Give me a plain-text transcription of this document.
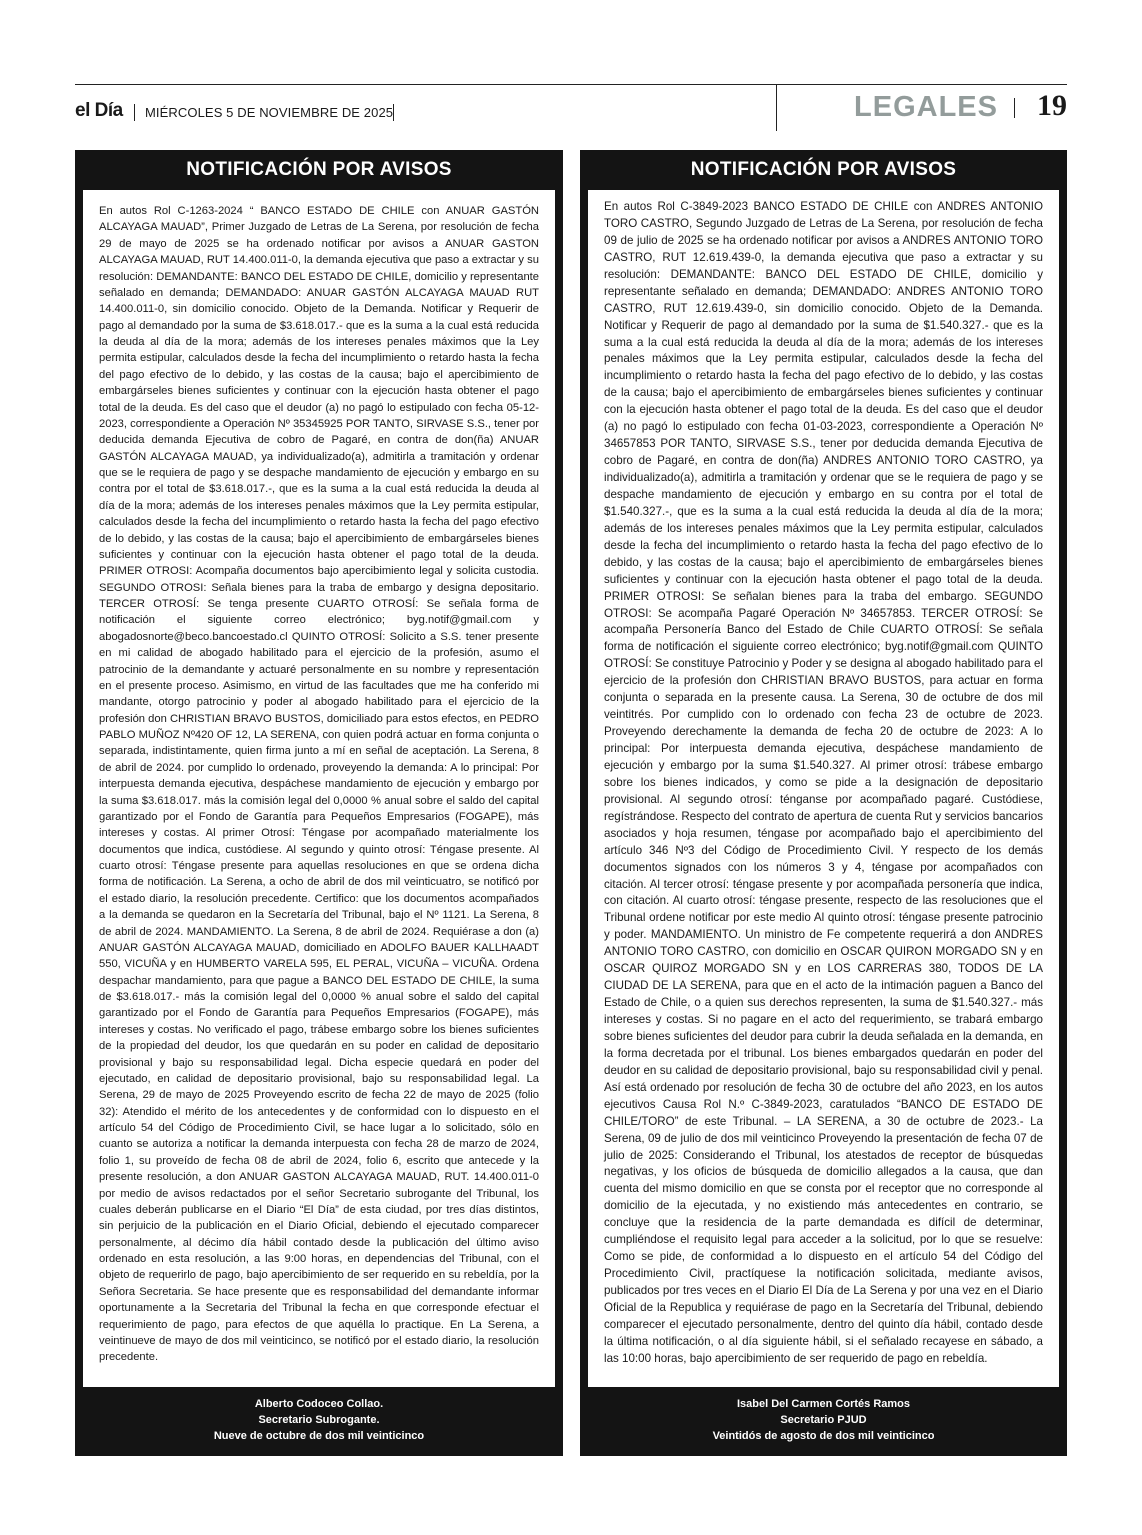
el Día MIÉRCOLES 5 DE NOVIEMBRE DE 2025	LEGALES 19
NOTIFICACIÓN POR AVISOS

En autos Rol C-1263-2024 “ BANCO ESTADO DE CHILE con ANUAR GASTÓN ALCAYAGA MAUAD”, Primer Juzgado de Letras de La Serena, por resolución de fecha 29 de mayo de 2025 se ha ordenado notificar por avisos a ANUAR GASTON ALCAYAGA MAUAD, RUT 14.400.011-0, la demanda ejecutiva que paso a extractar y su resolución: DEMANDANTE: BANCO DEL ESTADO DE CHILE, domicilio y representante señalado en demanda; DEMANDADO: ANUAR GASTÓN ALCAYAGA MAUAD RUT 14.400.011-0, sin domicilio conocido. Objeto de la Demanda. Notificar y Requerir de pago al demandado por la suma de $3.618.017.- que es la suma a la cual está reducida la deuda al día de la mora; además de los intereses penales máximos que la Ley permita estipular, calculados desde la fecha del incumplimiento o retardo hasta la fecha del pago efectivo de lo debido, y las costas de la causa; bajo el apercibimiento de embargárseles bienes suficientes y continuar con la ejecución hasta obtener el pago total de la deuda. Es del caso que el deudor (a) no pagó lo estipulado con fecha 05-12-2023, correspondiente a Operación Nº 35345925 POR TANTO, SIRVASE S.S., tener por deducida demanda Ejecutiva de cobro de Pagaré, en contra de don(ña) ANUAR GASTÓN ALCAYAGA MAUAD, ya individualizado(a), admitirla a tramitación y ordenar que se le requiera de pago y se despache mandamiento de ejecución y embargo en su contra por el total de $3.618.017.-, que es la suma a la cual está reducida la deuda al día de la mora; además de los intereses penales máximos que la Ley permita estipular, calculados desde la fecha del incumplimiento o retardo hasta la fecha del pago efectivo de lo debido, y las costas de la causa; bajo el apercibimiento de embargárseles bienes suficientes y continuar con la ejecución hasta obtener el pago total de la deuda. PRIMER OTROSI: Acompaña documentos bajo apercibimiento legal y solicita custodia. SEGUNDO OTROSI: Señala bienes para la traba de embargo y designa depositario. TERCER OTROSÍ: Se tenga presente CUARTO OTROSÍ: Se señala forma de notificación el siguiente correo electrónico; byg.notif@gmail.com y abogadosnorte@beco.bancoestado.cl QUINTO OTROSÍ: Solicito a S.S. tener presente en mi calidad de abogado habilitado para el ejercicio de la profesión, asumo el patrocinio de la demandante y actuaré personalmente en su nombre y representación en el presente proceso. Asimismo, en virtud de las facultades que me ha conferido mi mandante, otorgo patrocinio y poder al abogado habilitado para el ejercicio de la profesión don CHRISTIAN BRAVO BUSTOS, domiciliado para estos efectos, en PEDRO PABLO MUÑOZ Nº420 OF 12, LA SERENA, con quien podrá actuar en forma conjunta o separada, indistintamente, quien firma junto a mí en señal de aceptación. La Serena, 8 de abril de 2024. por cumplido lo ordenado, proveyendo la demanda: A lo principal: Por interpuesta demanda ejecutiva, despáchese mandamiento de ejecución y embargo por la suma $3.618.017. más la comisión legal del 0,0000 % anual sobre el saldo del capital garantizado por el Fondo de Garantía para Pequeños Empresarios (FOGAPE), más intereses y costas. Al primer Otrosí: Téngase por acompañado materialmente los documentos que indica, custódiese. Al segundo y quinto otrosí: Téngase presente. Al cuarto otrosí: Téngase presente para aquellas resoluciones en que se ordena dicha forma de notificación. La Serena, a ocho de abril de dos mil veinticuatro, se notificó por el estado diario, la resolución precedente. Certifico: que los documentos acompañados a la demanda se quedaron en la Secretaría del Tribunal, bajo el Nº 1121. La Serena, 8 de abril de 2024. MANDAMIENTO. La Serena, 8 de abril de 2024. Requiérase a don (a) ANUAR GASTÓN ALCAYAGA MAUAD, domiciliado en ADOLFO BAUER KALLHAADT 550, VICUÑA y en HUMBERTO VARELA 595, EL PERAL, VICUÑA – VICUÑA. Ordena despachar mandamiento, para que pague a BANCO DEL ESTADO DE CHILE, la suma de $3.618.017.- más la comisión legal del 0,0000 % anual sobre el saldo del capital garantizado por el Fondo de Garantía para Pequeños Empresarios (FOGAPE), más intereses y costas. No verificado el pago, trábese embargo sobre los bienes suficientes de la propiedad del deudor, los que quedarán en su poder en calidad de depositario provisional y bajo su responsabilidad legal. Dicha especie quedará en poder del ejecutado, en calidad de depositario provisional, bajo su responsabilidad legal. La Serena, 29 de mayo de 2025 Proveyendo escrito de fecha 22 de mayo de 2025 (folio 32): Atendido el mérito de los antecedentes y de conformidad con lo dispuesto en el artículo 54 del Código de Procedimiento Civil, se hace lugar a lo solicitado, sólo en cuanto se autoriza a notificar la demanda interpuesta con fecha 28 de marzo de 2024, folio 1, su proveído de fecha 08 de abril de 2024, folio 6, escrito que antecede y la presente resolución, a don ANUAR GASTON ALCAYAGA MAUAD, RUT. 14.400.011-0 por medio de avisos redactados por el señor Secretario subrogante del Tribunal, los cuales deberán publicarse en el Diario “El Día” de esta ciudad, por tres días distintos, sin perjuicio de la publicación en el Diario Oficial, debiendo el ejecutado comparecer personalmente, al décimo día hábil contado desde la publicación del último aviso ordenado en esta resolución, a las 9:00 horas, en dependencias del Tribunal, con el objeto de requerirlo de pago, bajo apercibimiento de ser requerido en su rebeldía, por la Señora Secretaria. Se hace presente que es responsabilidad del demandante informar oportunamente a la Secretaria del Tribunal la fecha en que corresponde efectuar el requerimiento de pago, para efectos de que aquélla lo practique. En La Serena, a veintinueve de mayo de dos mil veinticinco, se notificó por el estado diario, la resolución precedente.

Alberto Codoceo Collao.
Secretario Subrogante.
Nueve de octubre de dos mil veinticinco
NOTIFICACIÓN POR AVISOS

En autos Rol C-3849-2023 BANCO ESTADO DE CHILE con ANDRES ANTONIO TORO CASTRO, Segundo Juzgado de Letras de La Serena, por resolución de fecha 09 de julio de 2025 se ha ordenado notificar por avisos a ANDRES ANTONIO TORO CASTRO, RUT 12.619.439-0, la demanda ejecutiva que paso a extractar y su resolución: DEMANDANTE: BANCO DEL ESTADO DE CHILE, domicilio y representante señalado en demanda; DEMANDADO: ANDRES ANTONIO TORO CASTRO, RUT 12.619.439-0, sin domicilio conocido. Objeto de la Demanda. Notificar y Requerir de pago al demandado por la suma de $1.540.327.- que es la suma a la cual está reducida la deuda al día de la mora; además de los intereses penales máximos que la Ley permita estipular, calculados desde la fecha del incumplimiento o retardo hasta la fecha del pago efectivo de lo debido, y las costas de la causa; bajo el apercibimiento de embargárseles bienes suficientes y continuar con la ejecución hasta obtener el pago total de la deuda. Es del caso que el deudor (a) no pagó lo estipulado con fecha 01-03-2023, correspondiente a Operación Nº 34657853 POR TANTO, SIRVASE S.S., tener por deducida demanda Ejecutiva de cobro de Pagaré, en contra de don(ña) ANDRES ANTONIO TORO CASTRO, ya individualizado(a), admitirla a tramitación y ordenar que se le requiera de pago y se despache mandamiento de ejecución y embargo en su contra por el total de $1.540.327.-, que es la suma a la cual está reducida la deuda al día de la mora; además de los intereses penales máximos que la Ley permita estipular, calculados desde la fecha del incumplimiento o retardo hasta la fecha del pago efectivo de lo debido, y las costas de la causa; bajo el apercibimiento de embargárseles bienes suficientes y continuar con la ejecución hasta obtener el pago total de la deuda. PRIMER OTROSI: Se señalan bienes para la traba del embargo. SEGUNDO OTROSI: Se acompaña Pagaré Operación Nº 34657853. TERCER OTROSÍ: Se acompaña Personería Banco del Estado de Chile CUARTO OTROSÍ: Se señala forma de notificación el siguiente correo electrónico; byg.notif@gmail.com QUINTO OTROSÍ: Se constituye Patrocinio y Poder y se designa al abogado habilitado para el ejercicio de la profesión don CHRISTIAN BRAVO BUSTOS, para actuar en forma conjunta o separada en la presente causa. La Serena, 30 de octubre de dos mil veintitrés. Por cumplido con lo ordenado con fecha 23 de octubre de 2023. Proveyendo derechamente la demanda de fecha 20 de octubre de 2023: A lo principal: Por interpuesta demanda ejecutiva, despáchese mandamiento de ejecución y embargo por la suma $1.540.327. Al primer otrosí: trábese embargo sobre los bienes indicados, y como se pide a la designación de depositario provisional. Al segundo otrosí: ténganse por acompañado pagaré. Custódiese, regístrándose. Respecto del contrato de apertura de cuenta Rut y servicios bancarios asociados y hoja resumen, téngase por acompañado bajo el apercibimiento del artículo 346 Nº3 del Código de Procedimiento Civil. Y respecto de los demás documentos signados con los números 3 y 4, téngase por acompañados con citación. Al tercer otrosí: téngase presente y por acompañada personería que indica, con citación. Al cuarto otrosí: téngase presente, respecto de las resoluciones que el Tribunal ordene notificar por este medio Al quinto otrosí: téngase presente patrocinio y poder. MANDAMIENTO. Un ministro de Fe competente requerirá a don ANDRES ANTONIO TORO CASTRO, con domicilio en OSCAR QUIRON MORGADO SN y en OSCAR QUIROZ MORGADO SN y en LOS CARRERAS 380, TODOS DE LA CIUDAD DE LA SERENA, para que en el acto de la intimación paguen a Banco del Estado de Chile, o a quien sus derechos representen, la suma de $1.540.327.- más intereses y costas. Si no pagare en el acto del requerimiento, se trabará embargo sobre bienes suficientes del deudor para cubrir la deuda señalada en la demanda, en la forma decretada por el tribunal. Los bienes embargados quedarán en poder del deudor en su calidad de depositario provisional, bajo su responsabilidad civil y penal. Así está ordenado por resolución de fecha 30 de octubre del año 2023, en los autos ejecutivos Causa Rol N.º C-3849-2023, caratulados “BANCO DE ESTADO DE CHILE/TORO” de este Tribunal. – LA SERENA, a 30 de octubre de 2023.- La Serena, 09 de julio de dos mil veinticinco Proveyendo la presentación de fecha 07 de julio de 2025: Considerando el Tribunal, los atestados de receptor de búsquedas negativas, y los oficios de búsqueda de domicilio allegados a la causa, que dan cuenta del mismo domicilio en que se consta por el receptor que no corresponde al domicilio de la ejecutada, y no existiendo más antecedentes en contrario, se concluye que la residencia de la parte demandada es difícil de determinar, cumpliéndose el requisito legal para acceder a la solicitud, por lo que se resuelve: Como se pide, de conformidad a lo dispuesto en el artículo 54 del Código del Procedimiento Civil, practíquese la notificación solicitada, mediante avisos, publicados por tres veces en el Diario El Día de La Serena y por una vez en el Diario Oficial de la Republica y requiérase de pago en la Secretaría del Tribunal, debiendo comparecer el ejecutado personalmente, dentro del quinto día hábil, contado desde la última notificación, o al día siguiente hábil, si el señalado recayese en sábado, a las 10:00 horas, bajo apercibimiento de ser requerido de pago en rebeldía.

Isabel Del Carmen Cortés Ramos
Secretario PJUD
Veintidós de agosto de dos mil veinticinco
